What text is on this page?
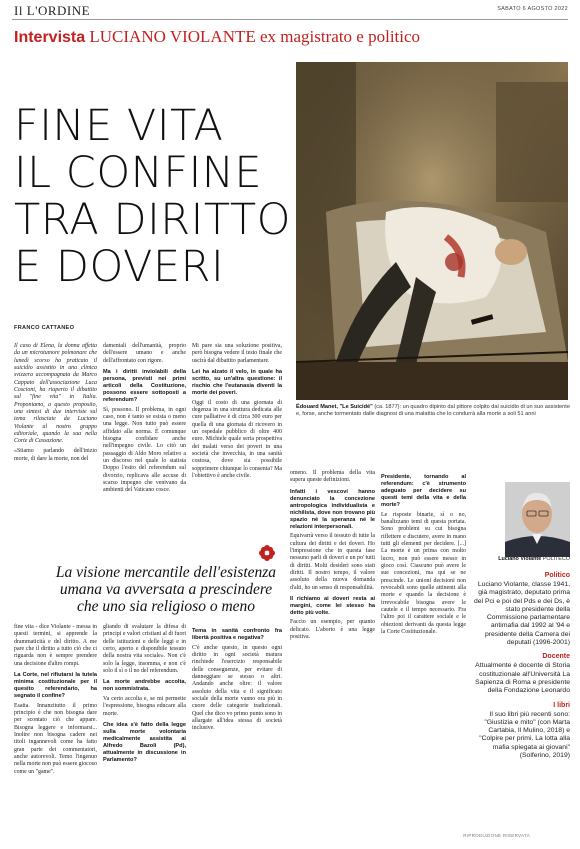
Il L'ORDINE	SABATO 6 AGOSTO 2022
Intervista LUCIANO VIOLANTE ex magistrato e politico
FINE VITA
IL CONFINE
TRA DIRITTO
E DOVERI
Édouard Manet, "Le Suicidé" (ca. 1877): un quadro dipinto dal pittore colpito dal suicidio di un suo assistente e, forse, anche tormentato dalle diagnosi di una malattia che lo condurrà alla morte a soli 51 anni
FRANCO CATTANEO

Il caso di Elena, la donna affetta da un microtumore polmonare che lunedì scorso ha praticato il suicidio assistito in una clinica svizzera accompagnata da Marco Cappato dell'associazione Luca Coscioni, ha riaperto il dibattito sul "fine vita" in Italia. Proponiamo, a questo proposito, una sintesi di due interviste sul tema rilasciate da Luciano Violante al nostro gruppo editoriale, quando la sua nella Corte di Cassazione.

«Stiamo parlando dell'inizio morte, di dare la morte, non del

damentali dell'umanità, proprio dell'essere umano e anche dell'affrontato con rigore.

Ma i diritti inviolabili della persona, previsti nei primi articoli della Costituzione, possono essere sottoposti a referendum?

Sì, possono. Il problema, in ogni caso, non è tanto se esista o meno una legge. Non tutto può essere affidato alla norma. È comunque bisogna confidare anche nell'impegno civile. Lo citò un passaggio di Aldo Moro relativo a un discorso nel quale lo statista Doppo l'esito del referendum sul divorzio, replicava alle accuse di scarso impegno che venivano da ambienti del Vaticano cosce.

Mi pare sia una soluzione positiva, però bisogna vedere il testo finale che uscirà dal dibattito parlamentare.

Lei ha alzato il velo, in quale ha scritto, su un'altra questione: il rischio che l'eutanasia diventi la morte dei poveri.

Oggi il costo di una giornata di degenza in una struttura dedicata alle cure palliative è di circa 300 euro per quella di una giornata di ricovero in un ospedale pubblico di oltre 400 euro. Michiele quale seria prospettiva dei malati verso dei poveri in una società che invecchia, in una sanità costosa, dove sia possibile sopprimere chiunque lo consenta? Ma l'obiettivo è anche civile.

La visione mercantile dell'esistenza umana va avversata a prescindere che uno sia religioso o meno

fine vita - dice Violante - messa in questi termini, si apprende la drammaticità e del diritto. A me pare che il diritto a tutto ciò che ci riguarda non è sempre prendere una decisione d'altro rompi.

La Corte, nel rifiutarsi la tutela minima costituzionale per il quesito referendario, ha segnato il confine?

Esatta. Innanzitutto il primo principio è che non bisogna dare per scontato ciò che appare. Bisogna leggere e informarsi... Inoltre non bisogna cadere nei titoli ingannevoli come ha fatto gran parte dei commentatori, anche autorevoli. Temo l'ingenuo nella morte non può essere giocoso come un "game".

gliando di svalutare la difesa di principi e valori cristiani al di fuori delle istituzioni e delle leggi e in certo, aperto e disponibile tessuto della nostra vita sociale». Non c'è solo la legge, insomma, e non c'è solo il sì o il no del referendum.

La morte andrebbe accolta, non sommistrata.

Va certo accolta e, se mi permette l'espressione, bisogna educare alla morte.

Che idea s'è fatto della legge sulla morte volontaria medicalmente assistita ai Alfredo Bazoli (Pd), attualmente in discussione in Parlamento?

Tema in sanità confronto fra libertà positiva e negativa?

C'è anche questo, in questo ogni diritto in ogni società matura rinchiede l'esercizio responsabile delle conseguenze, per evitare di danneggiare se stesso o altri. Andando anche oltre: il valore assoluto della vita e il significato sociale della morte vanno ora più in cuore delle categorie tradizionali. Quel che dico vo primo punto sono in allargate all'idea stessa di società inclusive.

omeno. Il problema della vita supera queste definizioni.

Infatti i vescovi hanno denunciato la concezione antropologica individualista e nichilista, dove non trovano più spazio né la speranza né le relazioni interpersonali.

Equivarrà verso il tessuto di tutte la cultura dei diritti e dei doveri. Ho l'impressione che in questa fase nessuno parli di doveri e un po' tutti di diritti. Molti desideri sono stati diritti. Il nostro tempo, il valore assoluto della nuova domanda d'alti, ho un senso di responsabilità.

Il richiamo ai doveri resta ai margini, come lei stesso ha detto più volte.

Faccio un esempio, per quanto delicato. L'aborto è una legge positiva.

Presidente, tornando al referendum: c'è strumento adeguato per decidere su questi temi della vita e della morte?

Le risposte binarie, sì o no, banalizzano temi di questa portata. Sono problemi su cui bisogna riflettere e discutere, avere in mano tutti gli elementi per decidere. [...] La morte è un prima con molto lucro, non può essere messo in gioco così. Ciascuno può avere le sue concezioni, ma qui se ne prescinde. Le unioni decisioni non revocabili sono quelle attinenti alla morte e quando la decisione è irrevocabile bisogna avere le cautele e il tempo necessario. Fra l'altro poi il carattere sociale e le obiezioni derivanti da questa legge la Corte Costituzionale.

Luciano Violante POLITECO
Politico
Luciano Violante, classe 1941, già magistrato, deputato prima del Pci e poi del Pds e dei Ds, è stato presidente della Commissione parlamentare antimafia dal 1992 al '94 e presidente della Camera dei deputati (1996-2001)
Docente
Attualmente è docente di Storia costituzionale all'Università La Sapienza di Roma e presidente della Fondazione Leonardo
I libri
Il suo libri più recenti sono: "Giustizia e mito" (con Marta Cartabia, Il Mulino, 2018) e "Colpire per primi. La lotta alla mafia spiegata ai giovani" (Solferino, 2019)
RIPRODUZIONE RISERVATA
